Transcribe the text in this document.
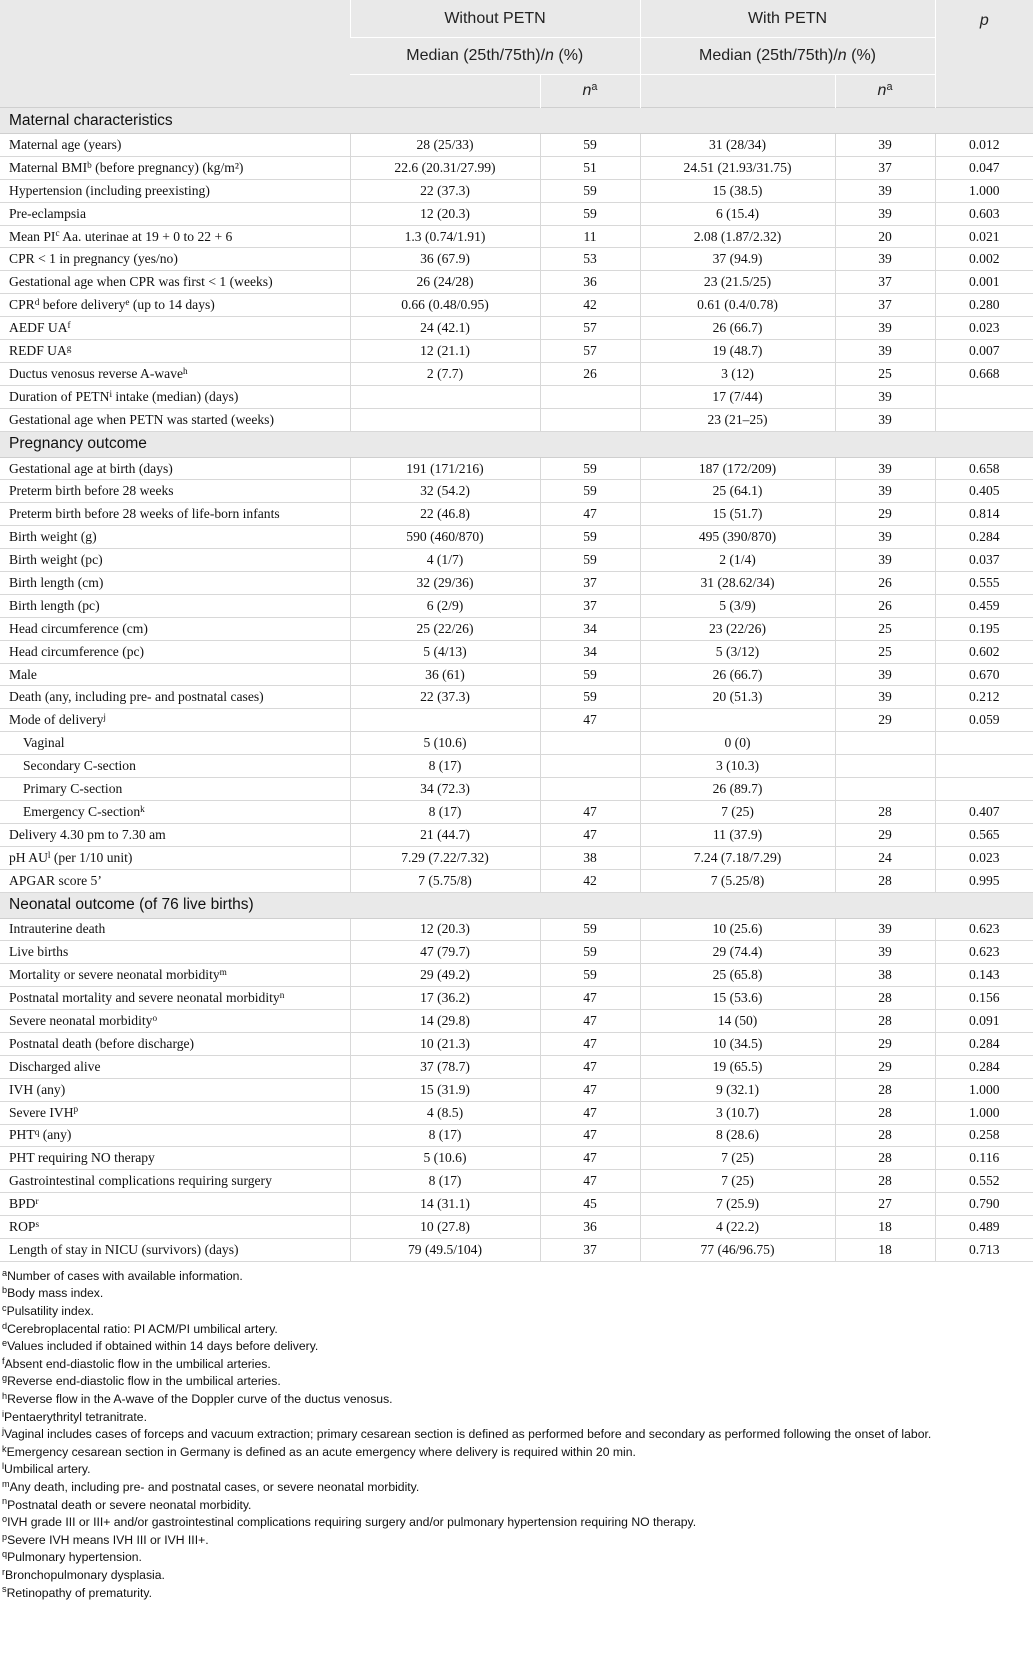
	Without PETN		With PETN		p
	Median (25th/75th)/n (%)		Median (25th/75th)/n (%)		
		$n^a$		$n^a$
Maternal characteristics					
Maternal age (years)	28 (25/33)	59	31 (28/34)	39	0.012
Maternal BMI$^b$ (before pregnancy) (kg/m²)	22.6 (20.31/27.99)	51	24.51 (21.93/31.75)	37	0.047
Hypertension (including preexisting)	22 (37.3)	59	15 (38.5)	39	1.000
Pre-eclampsia	12 (20.3)	59	6 (15.4)	39	0.603
Mean $PI^c$ Aa. uterinae at 19 + 0 to 22 + 6	1.3 (0.74/1.91)	11	2.08 (1.87/2.32)	20	0.021
CPR < 1 in pregnancy (yes/no)	36 (67.9)	53	37 (94.9)	39	0.002
Gestational age when CPR was first < 1 (weeks)	26 (24/28)	36	23 (21.5/25)	37	0.001
CPR$^d$ before delivery$^e$ (up to 14 days)	0.66 (0.48/0.95)	42	0.61 (0.4/0.78)	37	0.280
AEDF $UA^f$	24 (42.1)	57	26 (66.7)	39	0.023
REDF $UA^g$	12 (21.1)	57	19 (48.7)	39	0.007
Ductus venosus reverse A-wave$^h$	2 (7.7)	26	3 (12)	25	0.668
Duration of PETN$^i$ intake (median) (days)			17 (7/44)	39	
Gestational age when PETN was started (weeks)			23 (21–25)	39	
Pregnancy outcome					
Gestational age at birth (days)	191 (171/216)	59	187 (172/209)	39	0.658
Preterm birth before 28 weeks	32 (54.2)	59	25 (64.1)	39	0.405
Preterm birth before 28 weeks of life-born infants	22 (46.8)	47	15 (51.7)	29	0.814
Birth weight (g)	590 (460/870)	59	495 (390/870)	39	0.284
Birth weight (pc)	4 (1/7)	59	2 (1/4)	39	0.037
Birth length (cm)	32 (29/36)	37	31 (28.62/34)	26	0.555
Birth length (pc)	6 (2/9)	37	5 (3/9)	26	0.459
Head circumference (cm)	25 (22/26)	34	23 (22/26)	25	0.195
Head circumference (pc)	5 (4/13)	34	5 (3/12)	25	0.602
Male	36 (61)	59	26 (66.7)	39	0.670
Death (any, including pre- and postnatal cases)	22 (37.3)	59	20 (51.3)	39	0.212
Mode of delivery$^j$		47		29	0.059
Vaginal	5 (10.6)		0 (0)		
Secondary C-section	8 (17)		3 (10.3)		
Primary C-section	34 (72.3)		26 (89.7)		
Emergency C-section$^k$	8 (17)	47	7 (25)	28	0.407
Delivery 4.30 pm to 7.30 am	21 (44.7)	47	11 (37.9)	29	0.565
pH $AU^l$ (per 1/10 unit)	7.29 (7.22/7.32)	38	7.24 (7.18/7.29)	24	0.023
APGAR score 5’	7 (5.75/8)	42	7 (5.25/8)	28	0.995
Neonatal outcome (of 76 live births)					
Intrauterine death	12 (20.3)	59	10 (25.6)	39	0.623
Live births	47 (79.7)	59	29 (74.4)	39	0.623
Mortality or severe neonatal morbidity$^m$	29 (49.2)	59	25 (65.8)	38	0.143
Postnatal mortality and severe neonatal morbidity$^n$	17 (36.2)	47	15 (53.6)	28	0.156
Severe neonatal morbidity$^o$	14 (29.8)	47	14 (50)	28	0.091
Postnatal death (before discharge)	10 (21.3)	47	10 (34.5)	29	0.284
Discharged alive	37 (78.7)	47	19 (65.5)	29	0.284
IVH (any)	15 (31.9)	47	9 (32.1)	28	1.000
Severe IVH$^p$	4 (8.5)	47	3 (10.7)	28	1.000
PHT$^q$ (any)	8 (17)	47	8 (28.6)	28	0.258
PHT requiring NO therapy	5 (10.6)	47	7 (25)	28	0.116
Gastrointestinal complications requiring surgery	8 (17)	47	7 (25)	28	0.552
BPD$^r$	14 (31.1)	45	7 (25.9)	27	0.790
ROP$^s$	10 (27.8)	36	4 (22.2)	18	0.489
Length of stay in NICU (survivors) (days)	79 (49.5/104)	37	77 (46/96.75)	18	0.713
$^a$Number of cases with available information.
$^b$Body mass index.
$^c$Pulsatility index.
$^d$Cerebroplacental ratio: PI ACM/PI umbilical artery.
$^e$Values included if obtained within 14 days before delivery.
$^f$Absent end-diastolic flow in the umbilical arteries.
$^g$Reverse end-diastolic flow in the umbilical arteries.
$^h$Reverse flow in the A-wave of the Doppler curve of the ductus venosus.
$^i$Pentaerythrityl tetranitrate.
$^j$Vaginal includes cases of forceps and vacuum extraction; primary cesarean section is defined as performed before and secondary as performed following the onset of labor.
$^k$Emergency cesarean section in Germany is defined as an acute emergency where delivery is required within 20 min.
$^l$Umbilical artery.
$^m$Any death, including pre- and postnatal cases, or severe neonatal morbidity.
$^n$Postnatal death or severe neonatal morbidity.
$^o$IVH grade III or III+ and/or gastrointestinal complications requiring surgery and/or pulmonary hypertension requiring NO therapy.
$^p$Severe IVH means IVH III or IVH III+.
$^q$Pulmonary hypertension.
$^r$Bronchopulmonary dysplasia.
$^s$Retinopathy of prematurity.
